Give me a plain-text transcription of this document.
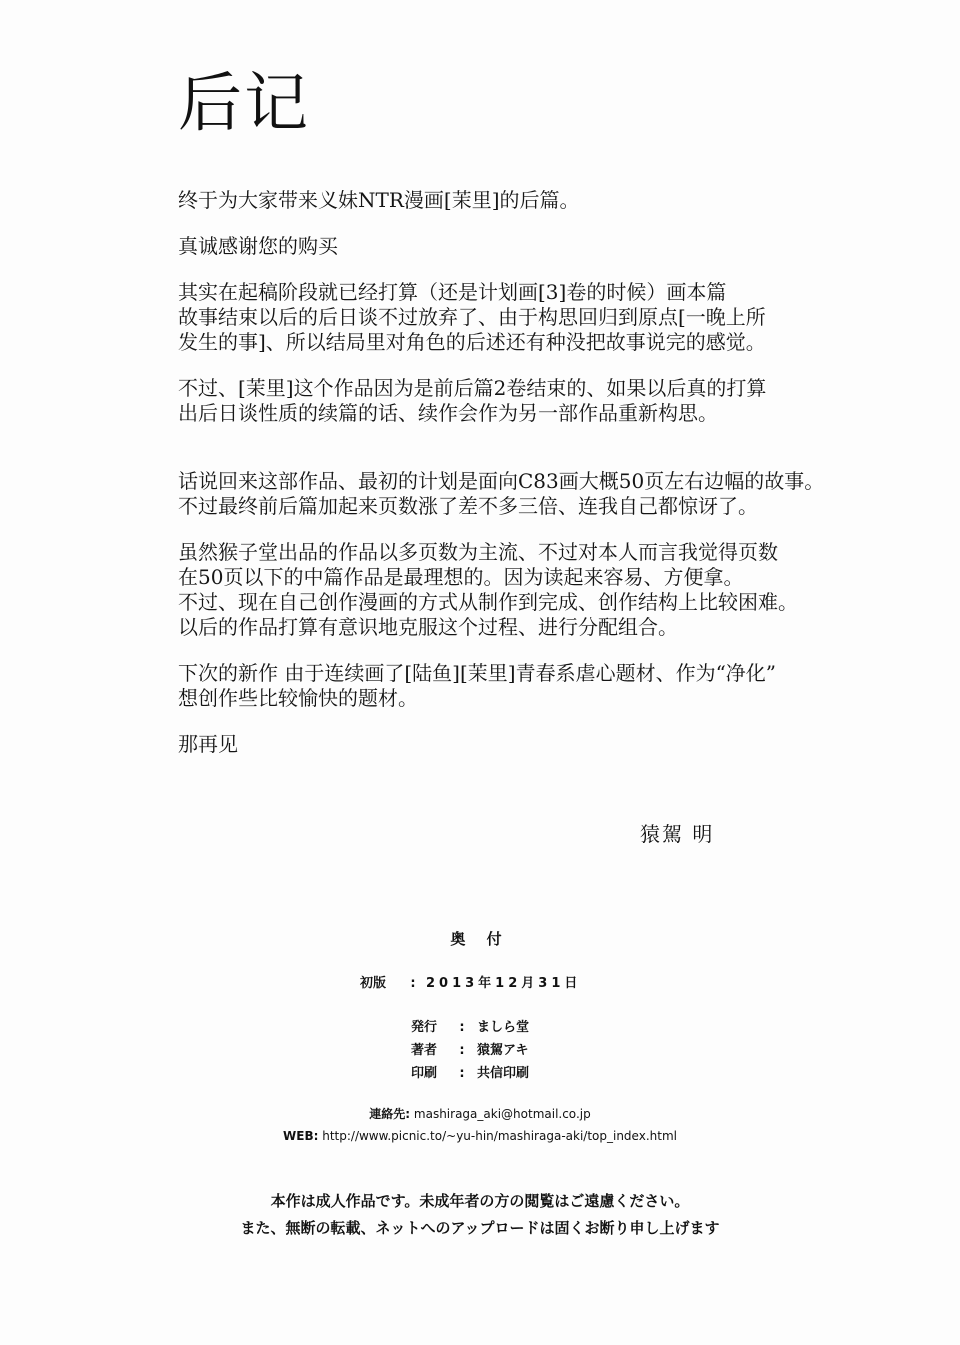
后记

终于为大家带来义妹NTR漫画[茉里]的后篇。

真诚感谢您的购买

其实在起稿阶段就已经打算（还是计划画[3]卷的时候）画本篇
故事结束以后的后日谈不过放弃了、由于构思回归到原点[一晚上所
发生的事]、所以结局里对角色的后述还有种没把故事说完的感觉。

不过、[茉里]这个作品因为是前后篇2卷结束的、如果以后真的打算
出后日谈性质的续篇的话、续作会作为另一部作品重新构思。

话说回来这部作品、最初的计划是面向C83画大概50页左右边幅的故事。
不过最终前后篇加起来页数涨了差不多三倍、连我自己都惊讶了。

虽然猴子堂出品的作品以多页数为主流、不过对本人而言我觉得页数
在50页以下的中篇作品是最理想的。因为读起来容易、方便拿。
不过、现在自己创作漫画的方式从制作到完成、创作结构上比较困难。
以后的作品打算有意识地克服这个过程、进行分配组合。

下次的新作 由于连续画了[陆鱼][茉里]青春系虐心题材、作为“净化”
想创作些比较愉快的题材。

那再见

猿駕 明
奥 付
初版 : 2013年12月31日
発行 : ましら堂
著者 : 猿駕アキ
印刷 : 共信印刷
連絡先: mashiraga_aki@hotmail.co.jp
WEB: http://www.picnic.to/~yu-hin/mashiraga-aki/top_index.html
本作は成人作品です。未成年者の方の閲覧はご遠慮ください。
また、無断の転載、ネットへのアップロードは固くお断り申し上げます
